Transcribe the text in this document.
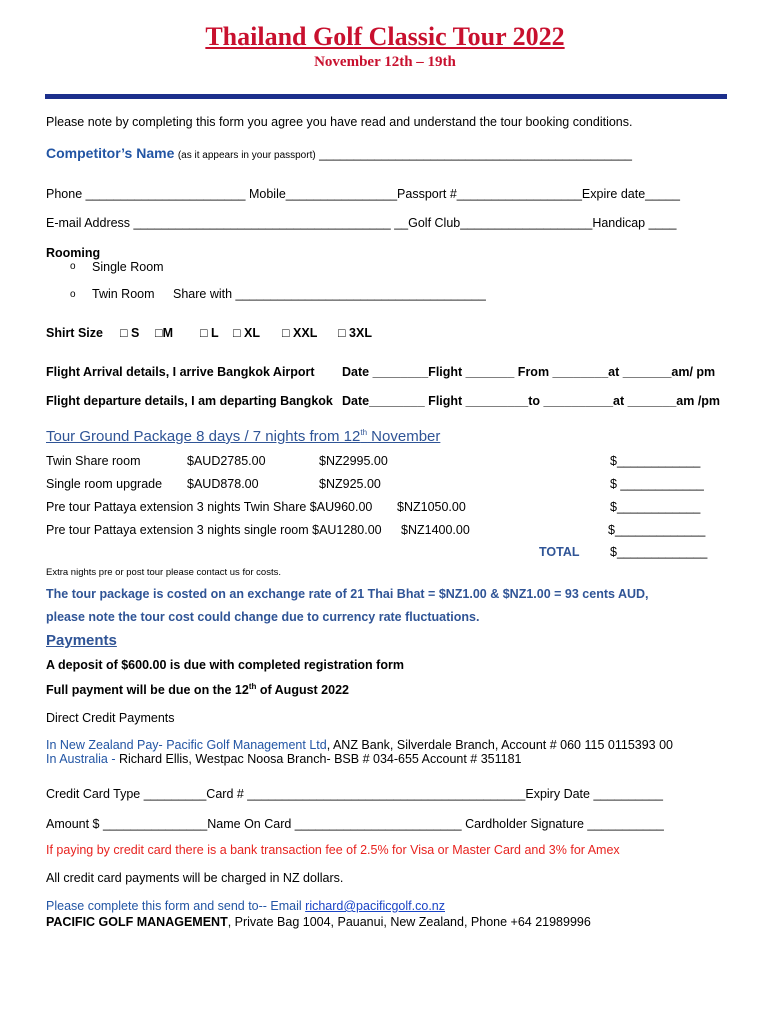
Thailand Golf Classic Tour 2022
November 12th – 19th
Please note by completing this form you agree you have read and understand the tour booking conditions.
Competitor’s Name (as it appears in your passport) _____________________________________________
Phone _______________________ Mobile________________Passport #__________________Expire date_____
E-mail Address _____________________________________ __Golf Club___________________Handicap ____
Rooming
o Single Room
o Twin Room Share with ____________________________________
Shirt Size □ S □M □ L □ XL □ XXL □ 3XL
Flight Arrival details, I arrive Bangkok Airport Date ________Flight _______ From ________at _______am/ pm
Flight departure details, I am departing Bangkok Date________ Flight _________to __________at _______am /pm
Tour Ground Package 8 days / 7 nights from 12th November
Twin Share room	$AUD2785.00	$NZ2995.00	$____________
Single room upgrade $AUD878.00	$NZ925.00	$ ____________
Pre tour Pattaya extension 3 nights Twin Share $AU960.00 $NZ1050.00	$____________
Pre tour Pattaya extension 3 nights single room $AU1280.00 $NZ1400.00	$_____________
TOTAL $_____________
Extra nights pre or post tour please contact us for costs.
The tour package is costed on an exchange rate of 21 Thai Bhat = $NZ1.00 & $NZ1.00 = 93 cents AUD,
please note the tour cost could change due to currency rate fluctuations.
Payments
A deposit of $600.00 is due with completed registration form
Full payment will be due on the 12th of August 2022
Direct Credit Payments
In New Zealand Pay- Pacific Golf Management Ltd, ANZ Bank, Silverdale Branch, Account # 060 115 0115393 00
In Australia - Richard Ellis, Westpac Noosa Branch- BSB # 034-655 Account # 351181
Credit Card Type _________Card # ________________________________________Expiry Date __________
Amount $ _______________Name On Card ________________________ Cardholder Signature ___________
If paying by credit card there is a bank transaction fee of 2.5% for Visa or Master Card and 3% for Amex
All credit card payments will be charged in NZ dollars.
Please complete this form and send to-- Email richard@pacificgolf.co.nz
PACIFIC GOLF MANAGEMENT, Private Bag 1004, Pauanui, New Zealand, Phone +64 21989996
